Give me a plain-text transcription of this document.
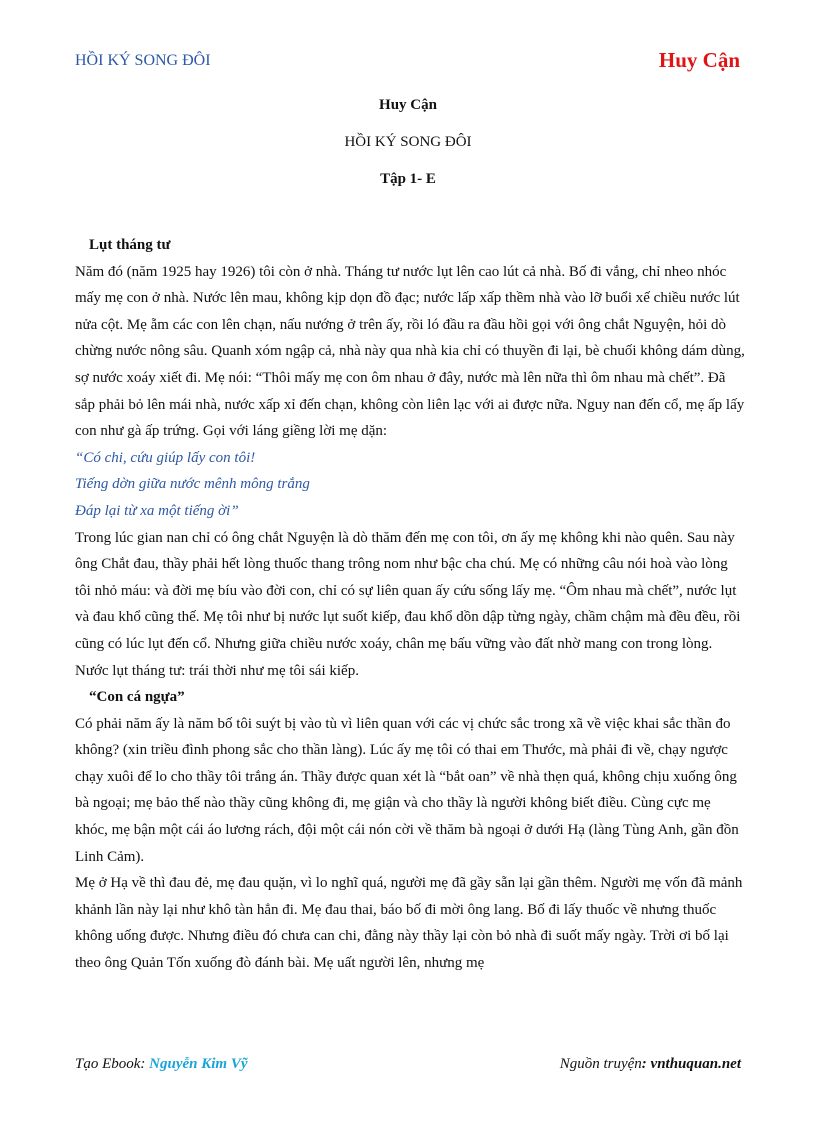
HỒI KÝ SONG ĐÔI	Huy Cận
Huy Cận
HỒI KÝ SONG ĐÔI
Tập 1- E

Lụt tháng tư

Năm đó (năm 1925 hay 1926) tôi còn ở nhà. Tháng tư nước lụt lên cao lút cả nhà. Bố đi vắng, chỉ nheo nhóc mấy mẹ con ở nhà. Nước lên mau, không kịp dọn đồ đạc; nước lấp xấp thềm nhà vào lỡ buổi xế chiều nước lút nửa cột. Mẹ ẵm các con lên chạn, nấu nướng ở trên ấy, rồi ló đầu ra đầu hồi gọi với ông chắt Nguyện, hỏi dò chừng nước nông sâu. Quanh xóm ngập cả, nhà này qua nhà kia chỉ có thuyền đi lại, bè chuối không dám dùng, sợ nước xoáy xiết đi. Mẹ nói: “Thôi mấy mẹ con ôm nhau ở đây, nước mà lên nữa thì ôm nhau mà chết”. Đã sắp phải bỏ lên mái nhà, nước xấp xỉ đến chạn, không còn liên lạc với ai được nữa. Nguy nan đến cổ, mẹ ấp lấy con như gà ấp trứng. Gọi với láng giềng lời mẹ dặn:

“Có chi, cứu giúp lấy con tôi!

Tiếng dờn giữa nước mênh mông trắng

Đáp lại từ xa một tiếng ời”

Trong lúc gian nan chỉ có ông chắt Nguyện là dò thăm đến mẹ con tôi, ơn ấy mẹ không khi nào quên. Sau này ông Chắt đau, thầy phải hết lòng thuốc thang trông nom như bậc cha chú. Mẹ có những câu nói hoà vào lòng tôi nhỏ máu: và đời mẹ bíu vào đời con, chỉ có sự liên quan ấy cứu sống lấy mẹ. “Ôm nhau mà chết”, nước lụt và đau khổ cũng thế. Mẹ tôi như bị nước lụt suốt kiếp, đau khổ dồn dập từng ngày, chầm chậm mà đều đều, rồi cũng có lúc lụt đến cổ. Nhưng giữa chiều nước xoáy, chân mẹ bấu vững vào đất nhờ mang con trong lòng. Nước lụt tháng tư: trái thời như mẹ tôi sái kiếp.

“Con cá ngựa”

Có phải năm ấy là năm bố tôi suýt bị vào tù vì liên quan với các vị chức sắc trong xã về việc khai sắc thần đo không? (xin triều đình phong sắc cho thần làng). Lúc ấy mẹ tôi có thai em Thước, mà phải đi về, chạy ngược chạy xuôi để lo cho thầy tôi trắng án. Thầy được quan xét là “bắt oan” về nhà thẹn quá, không chịu xuống ông bà ngoại; mẹ bảo thế nào thầy cũng không đi, mẹ giận và cho thầy là người không biết điều. Cùng cực mẹ khóc, mẹ bận một cái áo lương rách, đội một cái nón cời về thăm bà ngoại ở dưới Hạ (làng Tùng Anh, gần đồn Linh Cảm).

Mẹ ở Hạ về thì đau đẻ, mẹ đau quặn, vì lo nghĩ quá, người mẹ đã gầy sẵn lại gần thêm. Người mẹ vốn đã mảnh khảnh lần này lại như khô tàn hẳn đi. Mẹ đau thai, báo bố đi mời ông lang. Bố đi lấy thuốc về nhưng thuốc không uống được. Nhưng điều đó chưa can chi, đằng này thầy lại còn bỏ nhà đi suốt mấy ngày. Trời ơi bố lại theo ông Quản Tốn xuống đò đánh bài. Mẹ uất người lên, nhưng mẹ

Tạo Ebook: Nguyễn Kim Vỹ	Nguồn truyện: vnthuquan.net
